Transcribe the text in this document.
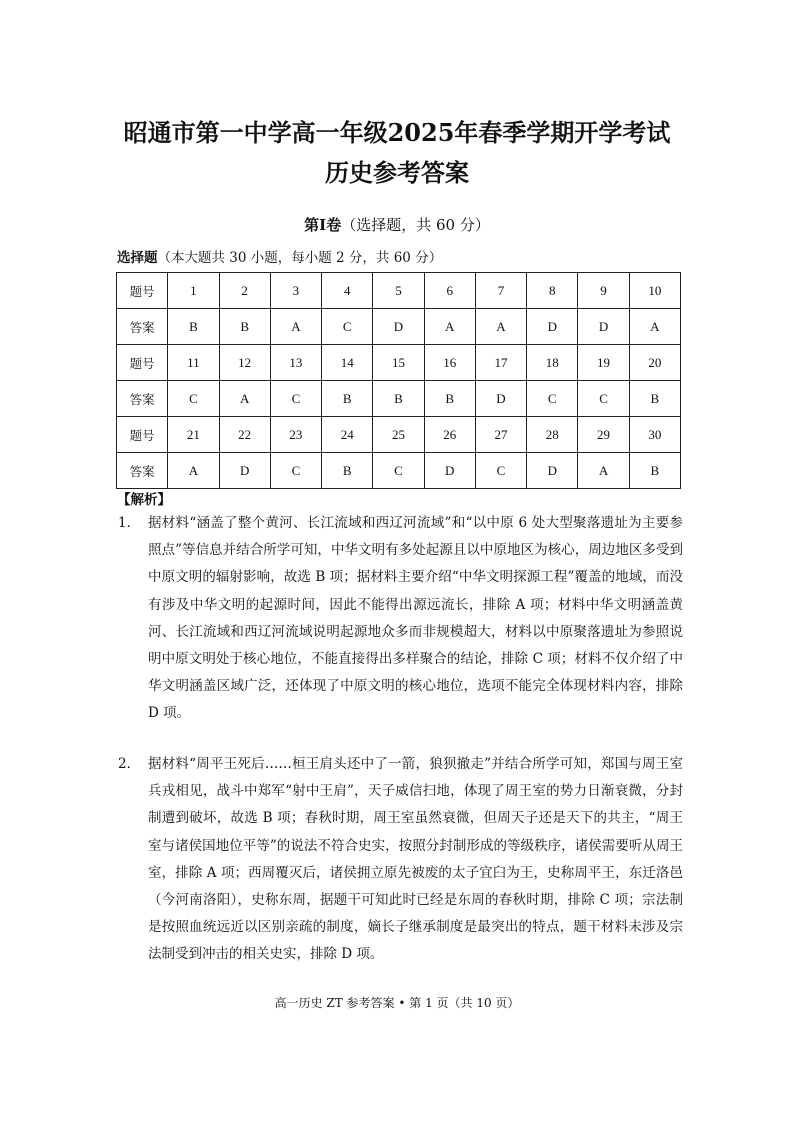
昭通市第一中学高一年级2025年春季学期开学考试
历史参考答案
第Ⅰ卷（选择题，共 60 分）
选择题（本大题共 30 小题，每小题 2 分，共 60 分）
题号	1	2	3	4	5	6	7	8	9	10
答案	B	B	A	C	D	A	A	D	D	A
题号	11	12	13	14	15	16	17	18	19	20
答案	C	A	C	B	B	B	D	C	C	B
题号	21	22	23	24	25	26	27	28	29	30
答案	A	D	C	B	C	D	C	D	A	B
【解析】
1． 据材料“涵盖了整个黄河、长江流域和西辽河流域”和“以中原 6 处大型聚落遗址为主要参照点”等信息并结合所学可知，中华文明有多处起源且以中原地区为核心，周边地区多受到中原文明的辐射影响，故选 B 项；据材料主要介绍“中华文明探源工程”覆盖的地域，而没有涉及中华文明的起源时间，因此不能得出源远流长，排除 A 项；材料中华文明涵盖黄河、长江流域和西辽河流域说明起源地众多而非规模超大，材料以中原聚落遗址为参照说明中原文明处于核心地位，不能直接得出多样聚合的结论，排除 C 项；材料不仅介绍了中华文明涵盖区域广泛，还体现了中原文明的核心地位，选项不能完全体现材料内容，排除 D 项。
2． 据材料“周平王死后……桓王肩头还中了一箭，狼狈撤走”并结合所学可知，郑国与周王室兵戎相见，战斗中郑军“射中王肩”，天子威信扫地，体现了周王室的势力日渐衰微，分封制遭到破坏，故选 B 项；春秋时期，周王室虽然衰微，但周天子还是天下的共主，“周王室与诸侯国地位平等”的说法不符合史实，按照分封制形成的等级秩序，诸侯需要听从周王室，排除 A 项；西周覆灭后，诸侯拥立原先被废的太子宜臼为王，史称周平王，东迁洛邑（今河南洛阳），史称东周，据题干可知此时已经是东周的春秋时期，排除 C 项；宗法制是按照血统远近以区别亲疏的制度，嫡长子继承制度是最突出的特点，题干材料未涉及宗法制受到冲击的相关史实，排除 D 项。
高一历史 ZT 参考答案 • 第 1 页（共 10 页）
